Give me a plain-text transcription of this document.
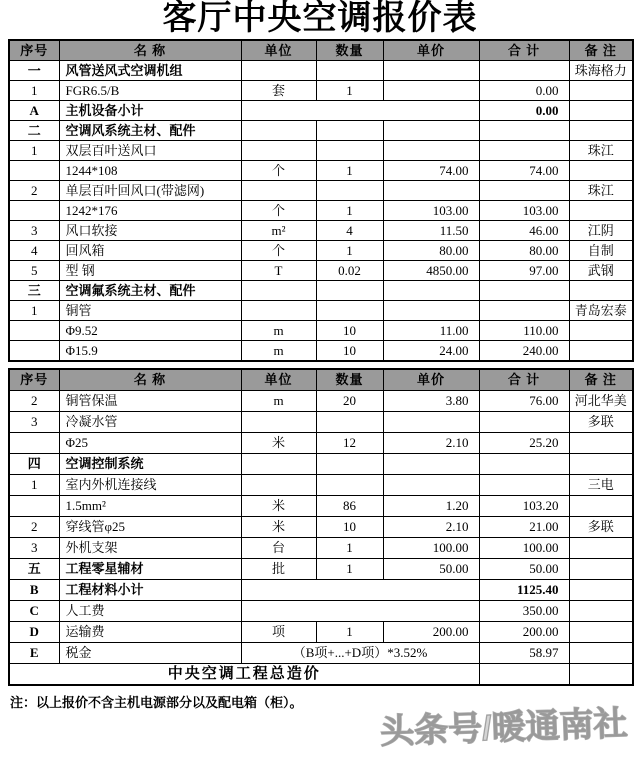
客厅中央空调报价表
序号	名 称	单位	数量	单价	合 计	备 注
一	风管送风式空调机组					珠海格力
1	FGR6.5/B	套	1		0.00	
A	主机设备小计				0.00	
二	空调风系统主材、配件					
1	双层百叶送风口					珠江
	1244*108	个	1	74.00	74.00	
2	单层百叶回风口(带滤网)					珠江
	1242*176	个	1	103.00	103.00	
3	风口软接	m²	4	11.50	46.00	江阴
4	回风箱	个	1	80.00	80.00	自制
5	型 钢	T	0.02	4850.00	97.00	武钢
三	空调氟系统主材、配件					
1	铜管					青岛宏泰
	Φ9.52	m	10	11.00	110.00	
	Φ15.9	m	10	24.00	240.00	
序号	名 称	单位	数量	单价	合 计	备 注
2	铜管保温	m	20	3.80	76.00	河北华美
3	冷凝水管					多联
	Φ25	米	12	2.10	25.20	
四	空调控制系统					
1	室内外机连接线					三电
	1.5mm²	米	86	1.20	103.20	
2	穿线管φ25	米	10	2.10	21.00	多联
3	外机支架	台	1	100.00	100.00	
五	工程零星辅材	批	1	50.00	50.00	
B	工程材料小计				1125.40	
C	人工费				350.00	
D	运输费	项	1	200.00	200.00	
E	税金	（B项+...+D项）*3.52%			58.97	
中央空调工程总造价						
注：以上报价不含主机电源部分以及配电箱（柜）。
头条号/暖通南社
